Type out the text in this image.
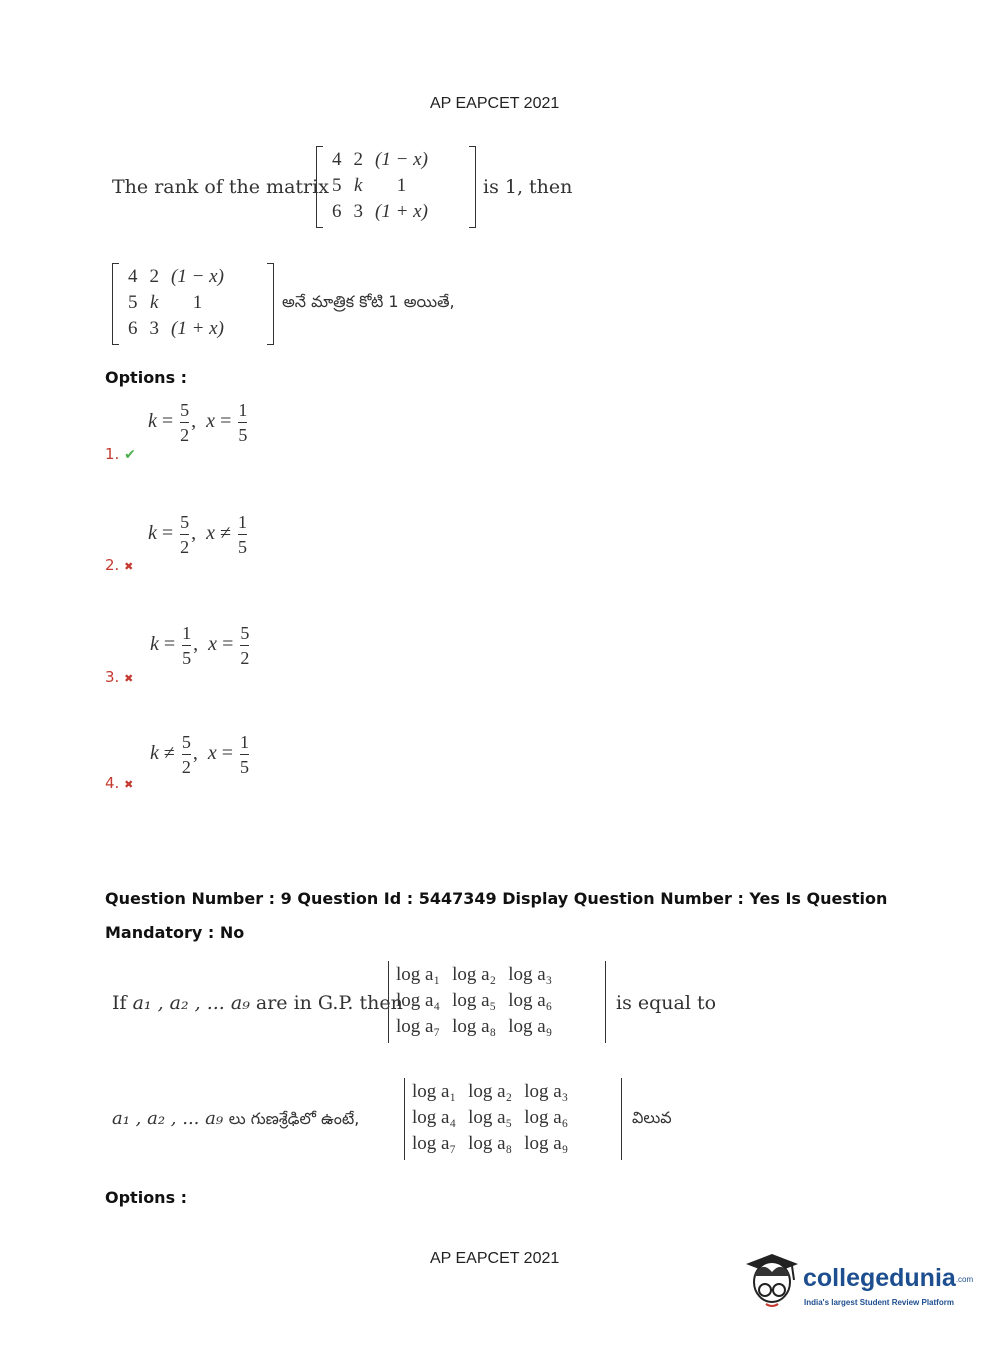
AP EAPCET 2021
The rank of the matrix
4	2	(1 − x)
5	k	1
6	3	(1 + x)
is 1, then
4	2	(1 − x)
5	k	1
6	3	(1 + x)
అనే మాత్రిక కోటి 1 అయితే,
Options :
$k = \frac{5}{2}$ ,  $x = \frac{1}{5}$
1. ✔
$k = \frac{5}{2}$ ,  $x \ne \frac{1}{5}$
2. ✖
$k = \frac{1}{5}$ ,  $x = \frac{5}{2}$
3. ✖
$k \ne \frac{5}{2}$ ,  $x = \frac{1}{5}$
4. ✖
Question Number : 9 Question Id : 5447349 Display Question Number : Yes Is Question
Mandatory : No
If a₁ , a₂ , ... a₉ are in G.P. then
log a₁	log a₂	log a₃
log a₄	log a₅	log a₆
log a₇	log a₈	log a₉
is equal to
a₁ , a₂ , ... a₉ లు గుణశ్రేఢిలో ఉంటే,
log a₁	log a₂	log a₃
log a₄	log a₅	log a₆
log a₇	log a₈	log a₉
విలువ
Options :
AP EAPCET 2021
collegedunia.com
India's largest Student Review Platform
